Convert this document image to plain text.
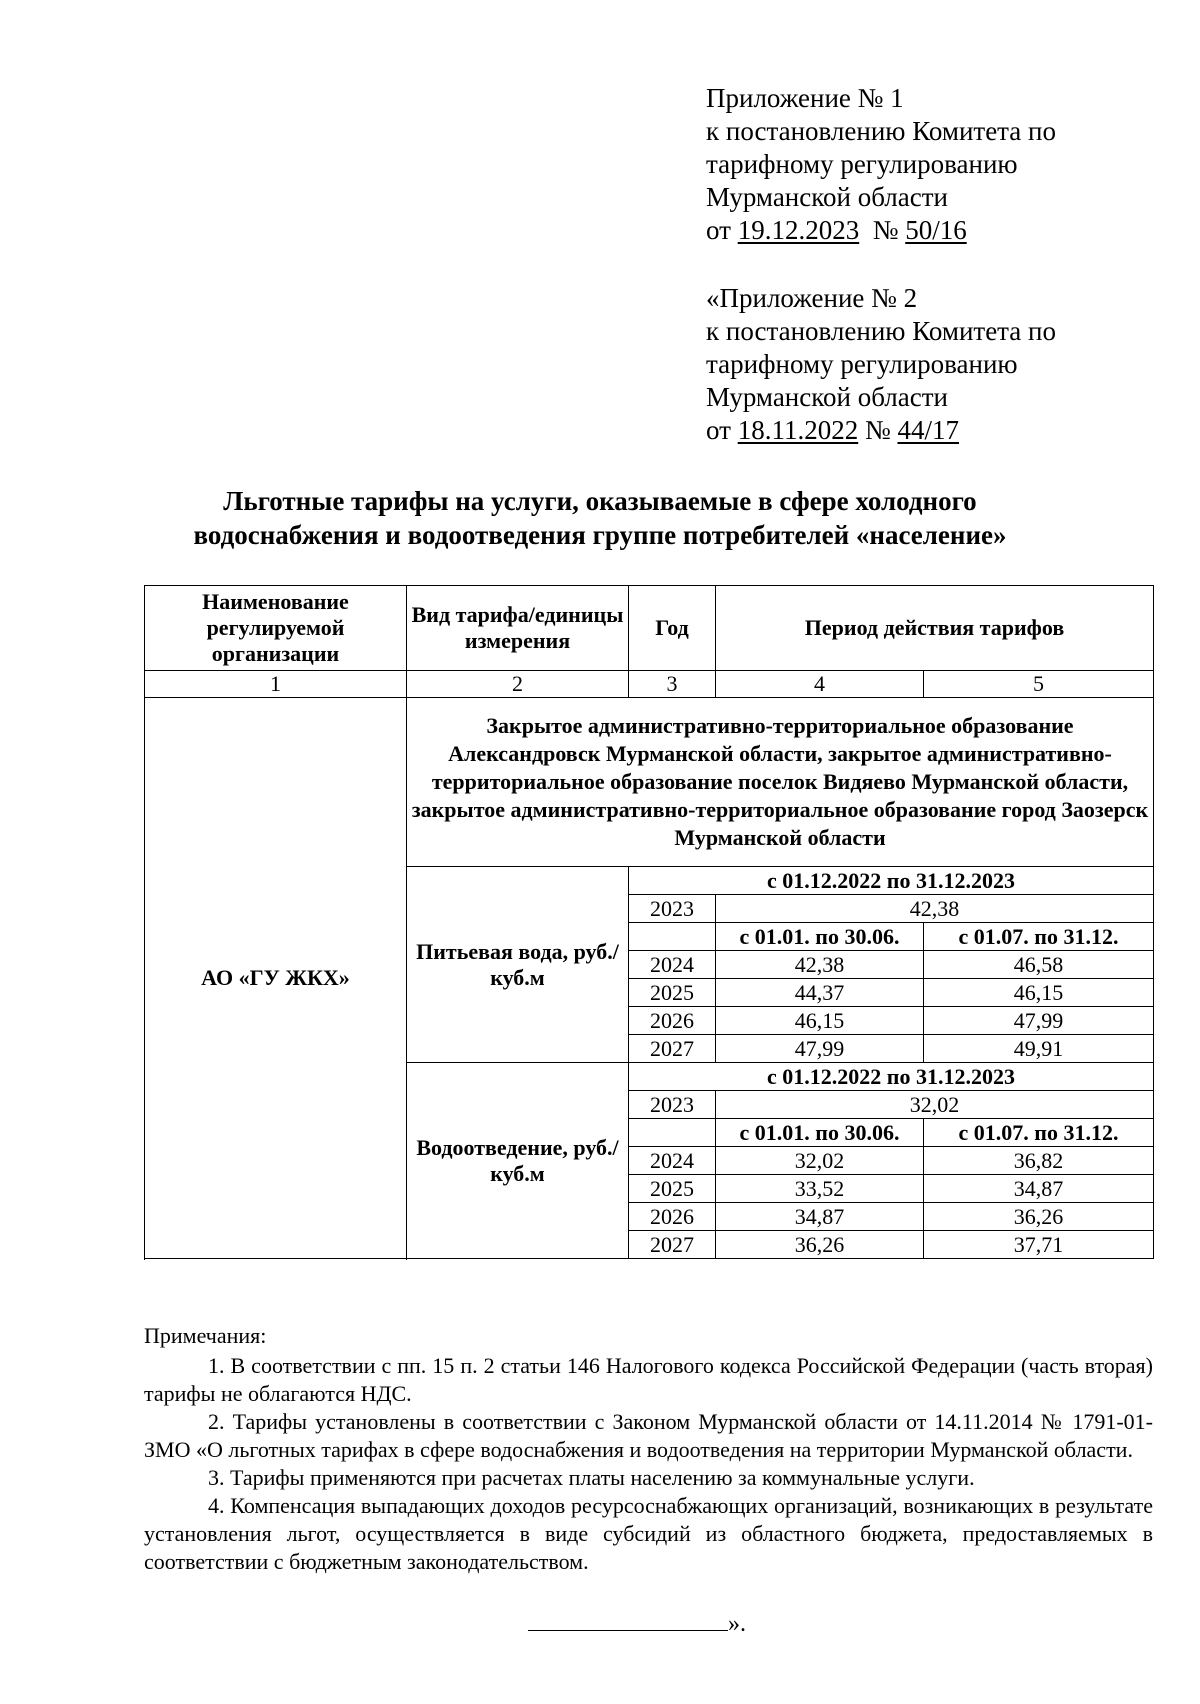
Приложение № 1
к постановлению Комитета по
тарифному регулированию
Мурманской области
от 19.12.2023  № 50/16
«Приложение № 2
к постановлению Комитета по
тарифному регулированию
Мурманской области
от 18.11.2022 № 44/17
Льготные тарифы на услуги, оказываемые в сфере холодного
водоснабжения и водоотведения группе потребителей «население»
Наименование регулируемой организации	Вид тарифа/единицы измерения	Год	Период действия тарифов	
1	2	3	4	5
АО «ГУ ЖКХ»	Закрытое административно-территориальное образование Александровск Мурманской области, закрытое административно-территориальное образование поселок Видяево Мурманской области, закрытое административно-территориальное образование город Заозерск Мурманской области			
	Питьевая вода, руб./куб.м	с 01.12.2022 по 31.12.2023		
		2023	42,38	
			с 01.01. по 30.06.	с 01.07. по 31.12.
		2024	42,38	46,58
		2025	44,37	46,15
		2026	46,15	47,99
		2027	47,99	49,91

	Водоотведение, руб./куб.м	с 01.12.2022 по 31.12.2023		
		2023	32,02	
			с 01.01. по 30.06.	с 01.07. по 31.12.
		2024	32,02	36,82
		2025	33,52	34,87
		2026	34,87	36,26
		2027	36,26	37,71

Примечания:

1. В соответствии с пп. 15 п. 2 статьи 146 Налогового кодекса Российской Федерации (часть вторая) тарифы не облагаются НДС.

2. Тарифы установлены в соответствии с Законом Мурманской области от 14.11.2014 № 1791-01-ЗМО «О льготных тарифах в сфере водоснабжения и водоотведения на территории Мурманской области.

3. Тарифы применяются при расчетах платы населению за коммунальные услуги.

4. Компенсация выпадающих доходов ресурсоснабжающих организаций, возникающих в результате установления льгот, осуществляется в виде субсидий из областного бюджета, предоставляемых в соответствии с бюджетным законодательством.

».
